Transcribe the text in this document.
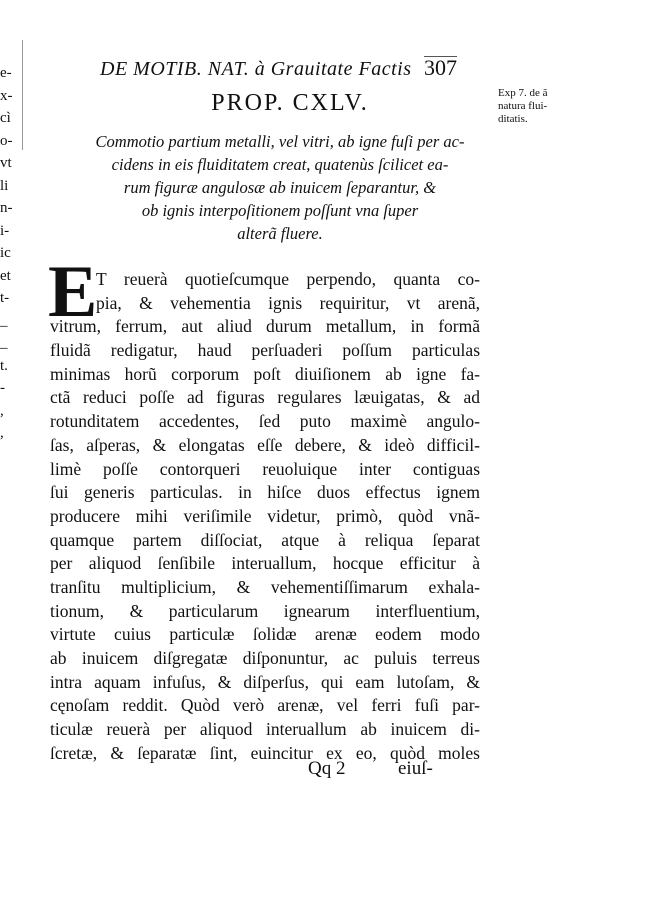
e-
x-
cì
o-
vt
li
n-
i-
ic
et
t-
_
_
t.
-
,
,
DE MOTIB. NAT. à Grauitate Factis 307
PROP. CXLV.
Commotio partium metalli, vel vitri, ab igne fuſi per ac-
cidens in eis fluiditatem creat, quatenùs ſcilicet ea-
rum figuræ angulosæ ab inuicem ſeparantur, &
ob ignis interpoſitionem poſſunt vna ſuper
alterã fluere.
Exp 7. de ã
natura flui-
ditatis.
E
T reuerà quotieſcumque perpendo, quanta co-
pia, & vehementia ignis requiritur, vt arenã,
vitrum, ferrum, aut aliud durum metallum, in formã
fluidã redigatur, haud perſuaderi poſſum particulas
minimas horũ corporum poſt diuiſionem ab igne fa-
ctã reduci poſſe ad figuras regulares læuigatas, & ad
rotunditatem accedentes, ſed puto maximè angulo-
ſas, aſperas, & elongatas eſſe debere, & ideò difficil-
limè poſſe contorqueri reuoluique inter contiguas
ſui generis particulas. in hiſce duos effectus ignem
producere mihi veriſimile videtur, primò, quòd vnã-
quamque partem diſſociat, atque à reliqua ſeparat
per aliquod ſenſibile interuallum, hocque efficitur à
tranſitu multiplicium, & vehementiſſimarum exhala-
tionum, & particularum ignearum interfluentium,
virtute cuius particulæ ſolidæ arenæ eodem modo
ab inuicem diſgregatæ diſponuntur, ac puluis terreus
intra aquam infuſus, & diſperſus, qui eam lutoſam, &
cęnoſam reddit. Quòd verò arenæ, vel ferri fuſi par-
ticulæ reuerà per aliquod interuallum ab inuicem di-
ſcretæ, & ſeparatæ ſint, euincitur ex eo, quòd moles
Qq 2	eiuſ-
